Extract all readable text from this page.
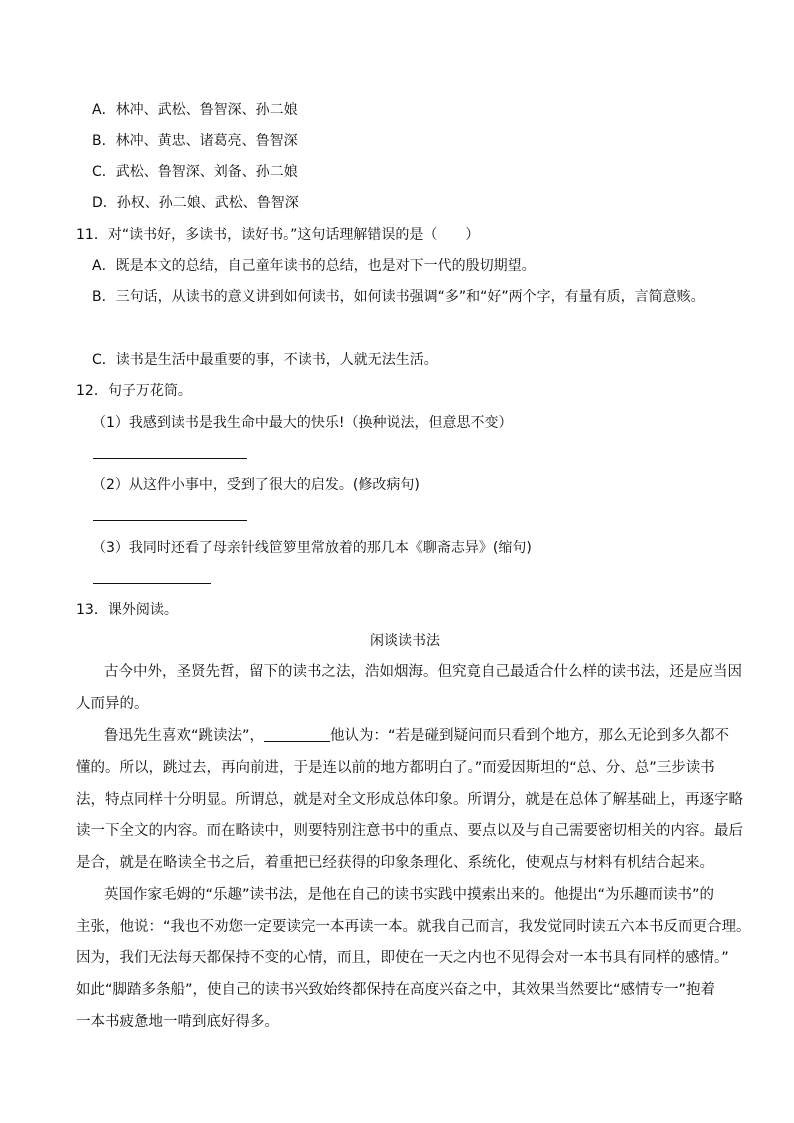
A．林冲、武松、鲁智深、孙二娘
B．林冲、黄忠、诸葛亮、鲁智深
C．武松、鲁智深、刘备、孙二娘
D．孙权、孙二娘、武松、鲁智深
11．对“读书好，多读书，读好书。”这句话理解错误的是（　　）
A．既是本文的总结，自己童年读书的总结，也是对下一代的殷切期望。
B．三句话，从读书的意义讲到如何读书，如何读书强调“多”和“好”两个字，有量有质，言简意赅。
C．读书是生活中最重要的事，不读书，人就无法生活。
12．句子万花筒。
（1）我感到读书是我生命中最大的快乐!（换种说法，但意思不变）
（2）从这件小事中，受到了很大的启发。(修改病句)
（3）我同时还看了母亲针线笸箩里常放着的那几本《聊斋志异》(缩句)
13．课外阅读。
闲谈读书法
古今中外，圣贤先哲，留下的读书之法，浩如烟海。但究竟自己最适合什么样的读书法，还是应当因
人而异的。
鲁迅先生喜欢“跳读法”，	他认为：“若是碰到疑问而只看到个地方，那么无论到多久都不
懂的。所以，跳过去，再向前进，于是连以前的地方都明白了。”而爱因斯坦的“总、分、总”三步读书
法，特点同样十分明显。所谓总，就是对全文形成总体印象。所谓分，就是在总体了解基础上，再逐字略
读一下全文的内容。而在略读中，则要特别注意书中的重点、要点以及与自己需要密切相关的内容。最后
是合，就是在略读全书之后，着重把已经获得的印象条理化、系统化，使观点与材料有机结合起来。
英国作家毛姆的“乐趣”读书法，是他在自己的读书实践中摸索出来的。他提出“为乐趣而读书”的
主张，他说：“我也不劝您一定要读完一本再读一本。就我自己而言，我发觉同时读五六本书反而更合理。
因为，我们无法每天都保持不变的心情，而且，即使在一天之内也不见得会对一本书具有同样的感情。”
如此“脚踏多条船”，使自己的读书兴致始终都保持在高度兴奋之中，其效果当然要比“感情专一”抱着
一本书疲惫地一啃到底好得多。
